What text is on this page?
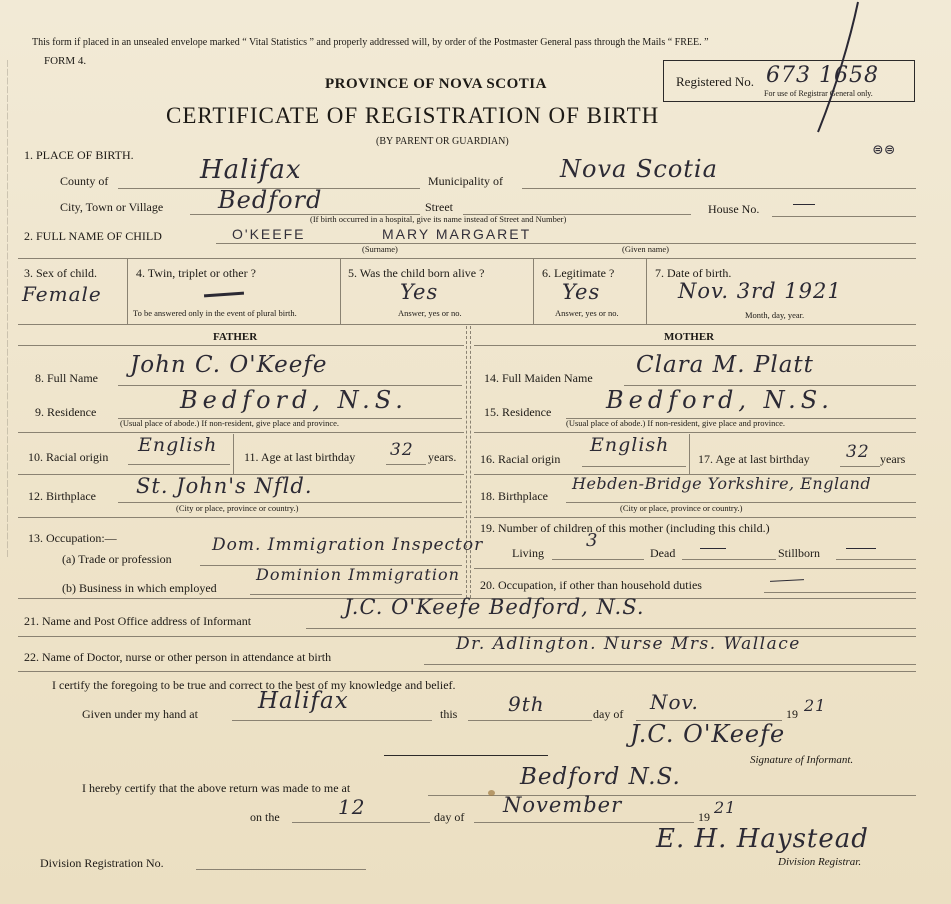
— — — — — — — — — — — — — — — — — — — — — — — — — — — — — — — — — — — — — — — — — — — — — — — — — — — — — — — — —
This form if placed in an unsealed envelope marked “ Vital Statistics ” and properly addressed will, by order of the Postmaster General pass through the Mails “ FREE. ”
FORM 4.
PROVINCE OF NOVA SCOTIA
CERTIFICATE OF REGISTRATION OF BIRTH
(BY PARENT OR GUARDIAN)
Registered No. 673 1658
For use of Registrar General only.
⊜⊜
1. PLACE OF BIRTH.
County of	Halifax	Municipality of Nova Scotia
City, Town or Village Bedford	Street
(If birth occurred in a hospital, give its name instead of Street and Number)
House No.
2. FULL NAME OF CHILD	O'KEEFE	MARY MARGARET
(Surname)	(Given name)
3. Sex of child.
Female
4. Twin, triplet or other ?
To be answered only in the event of plural birth.
5. Was the child born alive ?
Yes
Answer, yes or no.
6. Legitimate ?
Yes
Answer, yes or no.
7. Date of birth.
Nov. 3rd 1921
Month, day, year.
FATHER	MOTHER
8. Full Name John C. O'Keefe
9. Residence	Bedford, N.S.
(Usual place of abode.) If non-resident, give place and province.
10. Racial origin
English
11. Age at last birthday 32 years.
12. Birthplace St. John's Nfld.
(City or place, province or country.)
13. Occupation:—
(a) Trade or profession
Dom. Immigration Inspector
(b) Business in which employed
Dominion Immigration
14. Full Maiden Name Clara M. Platt
15. Residence Bedford, N.S.
(Usual place of abode.) If non-resident, give place and province.
16. Racial origin
English
17. Age at last birthday 32 years
18. Birthplace
Hebden-Bridge Yorkshire, England
(City or place, province or country.)
19. Number of children of this mother (including this child.)
Living
3
Dead	Stillborn
20. Occupation, if other than household duties
21. Name and Post Office address of Informant
J.C. O'Keefe Bedford, N.S.
22. Name of Doctor, nurse or other person in attendance at birth
Dr. Adlington. Nurse Mrs. Wallace
I certify the foregoing to be true and correct to the best of my knowledge and belief.
Given under my hand at	Halifax	this	9th	day of Nov.	19 21
J.C. O'Keefe
Signature of Informant.
I hereby certify that the above return was made to me at	Bedford N.S.
on the	12	day of November	19 21
Division Registration No.
E. H. Haystead
Division Registrar.
